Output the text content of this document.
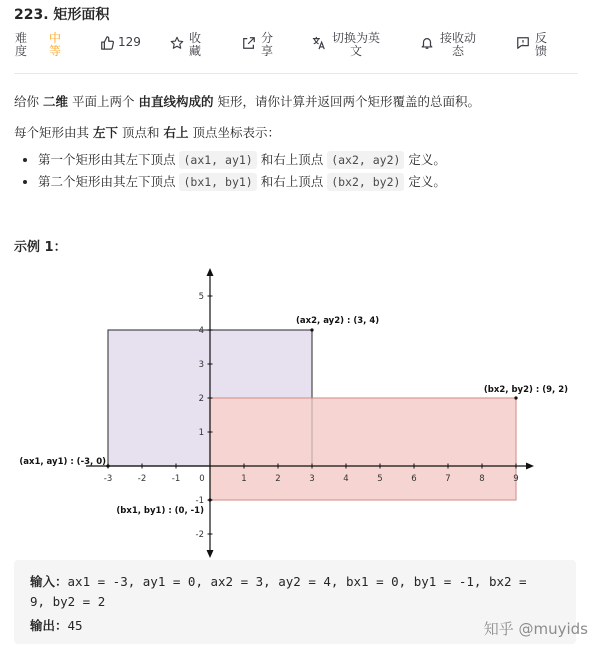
223. 矩形面积
难度
中等
129	收藏
分享
切换为英文
接收动态
反馈
给你 二维 平面上两个 由直线构成的 矩形，请你计算并返回两个矩形覆盖的总面积。
每个矩形由其 左下 顶点和 右上 顶点坐标表示：
• 第一个矩形由其左下顶点 (ax1, ay1) 和右上顶点 (ax2, ay2) 定义。
• 第二个矩形由其左下顶点 (bx1, by1) 和右上顶点 (bx2, by2) 定义。
示例 1：
-3	-2	-1 0	1	2	3	4	5	6	7	8	9
-2
-1
1
2
3
4
5
(ax1, ay1) : (-3, 0)
(ax2, ay2) : (3, 4)
(bx1, by1) : (0, -1)
(bx2, by2) : (9, 2)
输入：ax1 = -3, ay1 = 0, ax2 = 3, ay2 = 4, bx1 = 0, by1 = -1, bx2 =
9, by2 = 2
输出：45	知乎 @muyids
